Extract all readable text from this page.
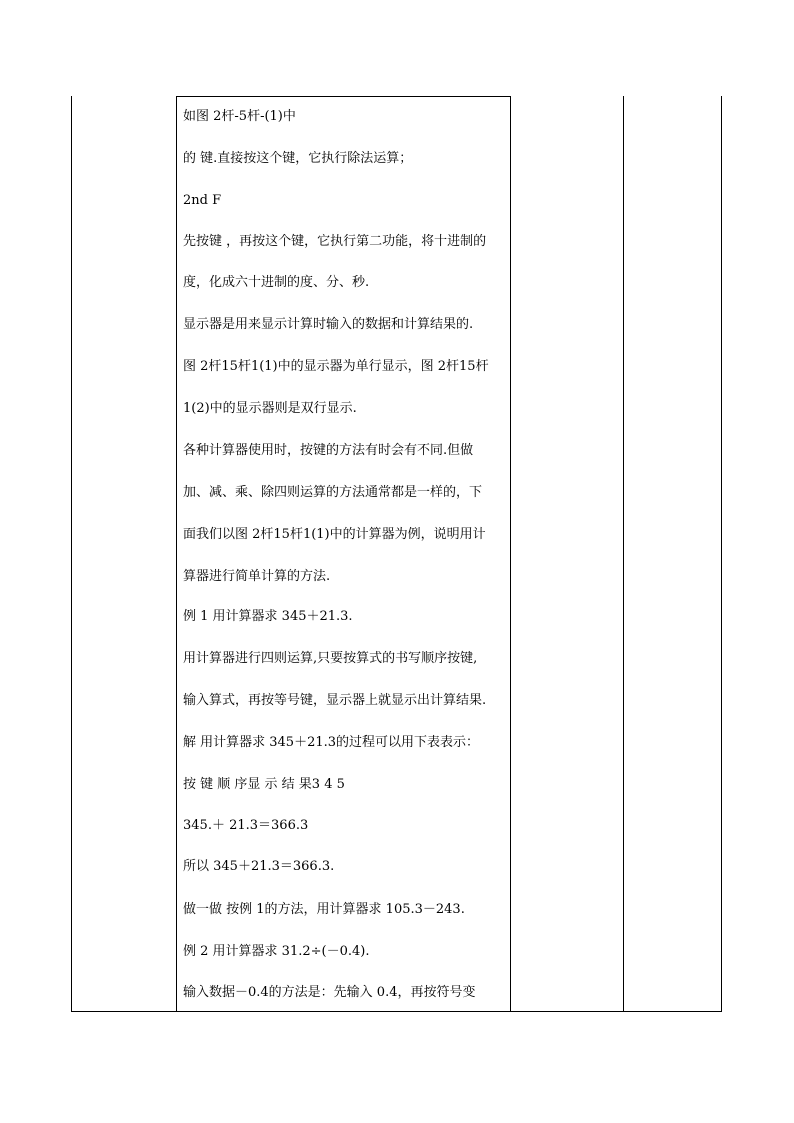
如图 2杆-5杆-(1)中
的 键.直接按这个键，它执行除法运算；
2nd F
先按键 ，再按这个键，它执行第二功能，将十进制的
度，化成六十进制的度、分、秒.
显示器是用来显示计算时输入的数据和计算结果的.
图 2杆15杆1(1)中的显示器为单行显示，图 2杆15杆
1(2)中的显示器则是双行显示.
各种计算器使用时，按键的方法有时会有不同.但做
加、减、乘、除四则运算的方法通常都是一样的，下
面我们以图 2杆15杆1(1)中的计算器为例，说明用计
算器进行简单计算的方法.
例 1 用计算器求 345＋21.3.
用计算器进行四则运算,只要按算式的书写顺序按键,
输入算式，再按等号键，显示器上就显示出计算结果.
解 用计算器求 345＋21.3的过程可以用下表表示：
按 键 顺 序显 示 结 果3 4 5
345.＋ 21.3＝366.3
所以 345＋21.3＝366.3.
做一做 按例 1的方法，用计算器求 105.3－243.
例 2 用计算器求 31.2÷(－0.4).
输入数据－0.4的方法是：先输入 0.4，再按符号变
